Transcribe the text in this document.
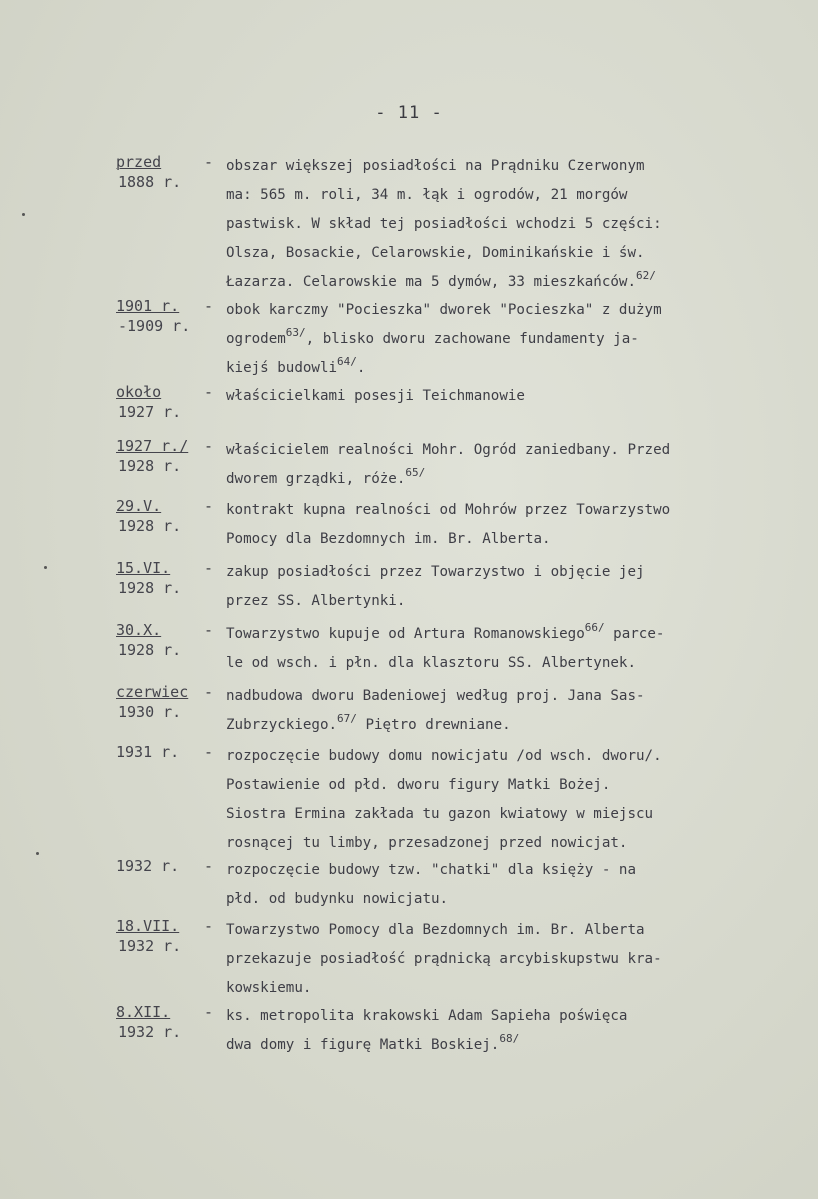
- 11 -
przed
1888 r.
- obszar większej posiadłości na Prądniku Czerwonym
ma: 565 m. roli, 34 m. łąk i ogrodów, 21 morgów
pastwisk. W skład tej posiadłości wchodzi 5 części:
Olsza, Bosackie, Celarowskie, Dominikańskie i św.
Łazarza. Celarowskie ma 5 dymów, 33 mieszkańców.$^{62/}$
1901 r.
-1909 r.
- obok karczmy "Pocieszka" dworek "Pocieszka" z dużym
ogrodem$^{63/}$, blisko dworu zachowane fundamenty ja-
kiejś budowli$^{64/}$.
około
1927 r.
- właścicielkami posesji Teichmanowie
1927 r./
1928 r.
- właścicielem realności Mohr. Ogród zaniedbany. Przed
dworem grządki, róże.$^{65/}$
29.V.
1928 r.
- kontrakt kupna realności od Mohrów przez Towarzystwo
Pomocy dla Bezdomnych im. Br. Alberta.
15.VI.
1928 r.
- zakup posiadłości przez Towarzystwo i objęcie jej
przez SS. Albertynki.
30.X.
1928 r.
- Towarzystwo kupuje od Artura Romanowskiego$^{66/}$ parce-
le od wsch. i płn. dla klasztoru SS. Albertynek.
czerwiec
1930 r.
- nadbudowa dworu Badeniowej według proj. Jana Sas-
Zubrzyckiego.$^{67/}$ Piętro drewniane.
1931 r.	- rozpoczęcie budowy domu nowicjatu /od wsch. dworu/.
Postawienie od płd. dworu figury Matki Bożej.
Siostra Ermina zakłada tu gazon kwiatowy w miejscu
rosnącej tu limby, przesadzonej przed nowicjat.
1932 r.	- rozpoczęcie budowy tzw. "chatki" dla księży - na
płd. od budynku nowicjatu.
18.VII.
1932 r.
- Towarzystwo Pomocy dla Bezdomnych im. Br. Alberta
przekazuje posiadłość prądnicką arcybiskupstwu kra-
kowskiemu.
8.XII.
1932 r.
- ks. metropolita krakowski Adam Sapieha poświęca
dwa domy i figurę Matki Boskiej.$^{68/}$
